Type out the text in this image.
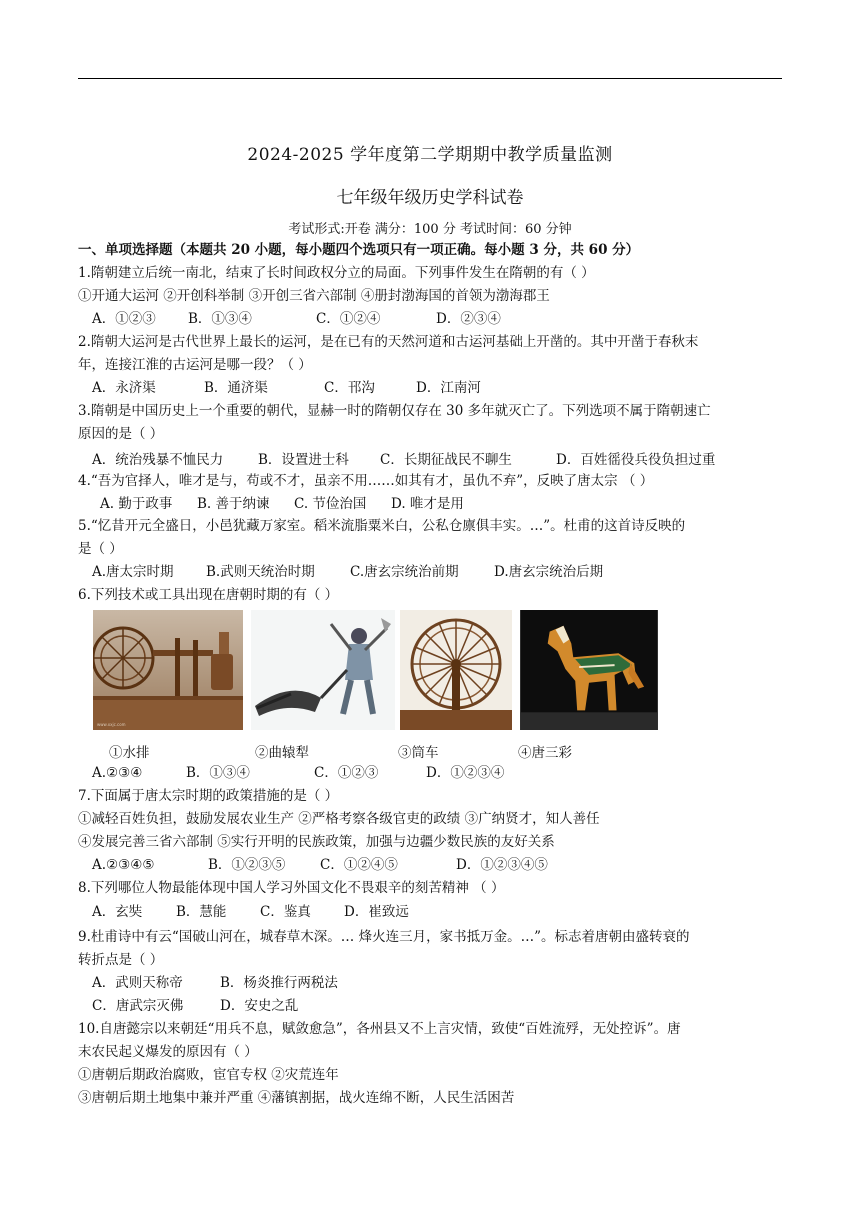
2024-2025 学年度第二学期期中教学质量监测
七年级年级历史学科试卷
考试形式:开卷 满分：100 分 考试时间：60 分钟
一、单项选择题（本题共 20 小题，每小题四个选项只有一项正确。每小题 3 分，共 60 分）
1.隋朝建立后统一南北，结束了长时间政权分立的局面。下列事件发生在隋朝的有（ ）
①开通大运河 ②开创科举制 ③开创三省六部制 ④册封渤海国的首领为渤海郡王
A．①②③ B．①③④	C．①②④	D．②③④
2.隋朝大运河是古代世界上最长的运河，是在已有的天然河道和古运河基础上开凿的。其中开凿于春秋末
年，连接江淮的古运河是哪一段？（ ）
A．永济渠	B．通济渠	C．邗沟	D．江南河
3.隋朝是中国历史上一个重要的朝代，显赫一时的隋朝仅存在 30 多年就灭亡了。下列选项不属于隋朝速亡
原因的是（ ）
A．统治残暴不恤民力	B．设置进士科 C．长期征战民不聊生	D．百姓徭役兵役负担过重
4.“吾为官择人，唯才是与，苟或不才，虽亲不用……如其有才，虽仇不弃”，反映了唐太宗 （ ）
A. 勤于政事 B. 善于纳谏 C. 节俭治国 D. 唯才是用
5.“忆昔开元全盛日，小邑犹藏万家室。稻米流脂粟米白，公私仓廪俱丰实。…”。杜甫的这首诗反映的
是（ ）
A.唐太宗时期 B.武则天统治时期	C.唐玄宗统治前期	D.唐玄宗统治后期
6.下列技术或工具出现在唐朝时期的有（ ）
www.xxjc.com
①水排	②曲辕犁	③筒车	④唐三彩
A.②③④	B．①③④	C．①②③	D．①②③④
7.下面属于唐太宗时期的政策措施的是（ ）
①减轻百姓负担，鼓励发展农业生产 ②严格考察各级官吏的政绩 ③广纳贤才，知人善任
④发展完善三省六部制 ⑤实行开明的民族政策，加强与边疆少数民族的友好关系
A.②③④⑤	B．①②③⑤	C．①②④⑤	D．①②③④⑤
8.下列哪位人物最能体现中国人学习外国文化不畏艰辛的刻苦精神 （ ）
A．玄奘	B．慧能 C．鉴真 D．崔致远
9.杜甫诗中有云“国破山河在，城春草木深。… 烽火连三月，家书抵万金。…”。标志着唐朝由盛转衰的
转折点是（ ）
A．武则天称帝	B．杨炎推行两税法
C．唐武宗灭佛	D．安史之乱
10.自唐懿宗以来朝廷“用兵不息，赋敛愈急”，各州县又不上言灾情，致使“百姓流殍，无处控诉”。唐
末农民起义爆发的原因有（ ）
①唐朝后期政治腐败，宦官专权 ②灾荒连年
③唐朝后期土地集中兼并严重 ④藩镇割据，战火连绵不断，人民生活困苦
